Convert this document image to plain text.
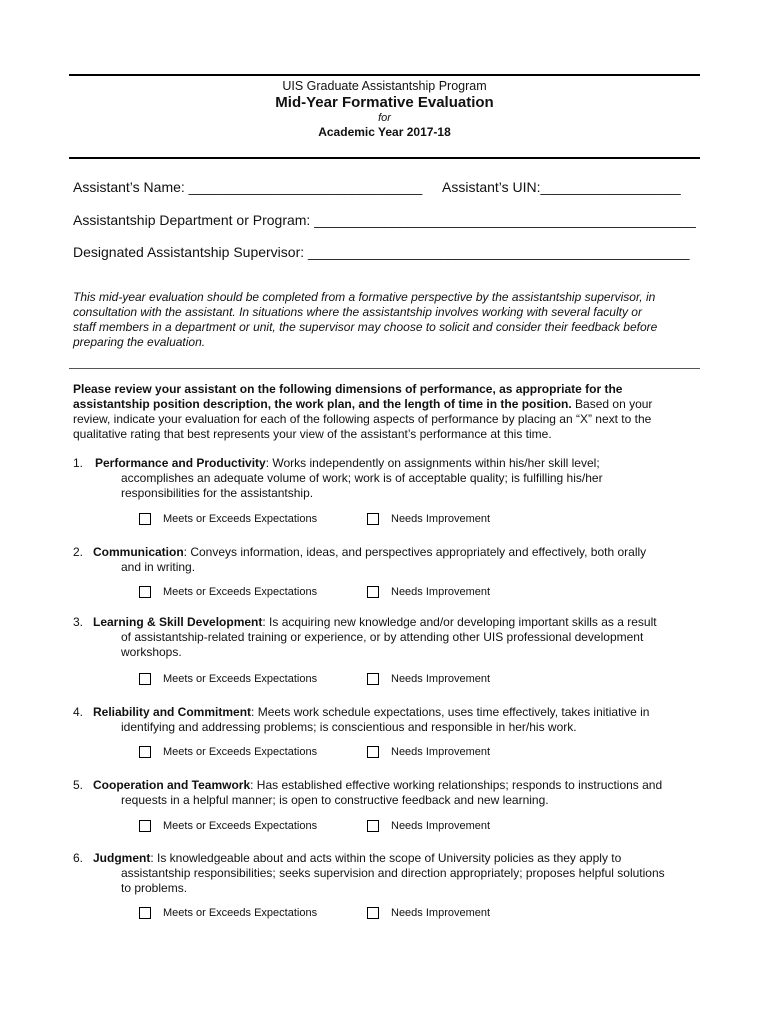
UIS Graduate Assistantship Program
Mid-Year Formative Evaluation
for
Academic Year 2017-18
Assistant’s Name: ______________________________ Assistant’s UIN:__________________
Assistantship Department or Program: _________________________________________________
Designated Assistantship Supervisor: _________________________________________________
This mid-year evaluation should be completed from a formative perspective by the assistantship supervisor, in
consultation with the assistant. In situations where the assistantship involves working with several faculty or
staff members in a department or unit, the supervisor may choose to solicit and consider their feedback before
preparing the evaluation.
Please review your assistant on the following dimensions of performance, as appropriate for the
assistantship position description, the work plan, and the length of time in the position. Based on your
review, indicate your evaluation for each of the following aspects of performance by placing an “X” next to the
qualitative rating that best represents your view of the assistant’s performance at this time.
1. Performance and Productivity: Works independently on assignments within his/her skill level;
accomplishes an adequate volume of work; work is of acceptable quality; is fulfilling his/her
responsibilities for the assistantship.
Meets or Exceeds Expectations	Needs Improvement
2. Communication: Conveys information, ideas, and perspectives appropriately and effectively, both orally
and in writing.
Meets or Exceeds Expectations	Needs Improvement
3. Learning & Skill Development: Is acquiring new knowledge and/or developing important skills as a result
of assistantship-related training or experience, or by attending other UIS professional development
workshops.
Meets or Exceeds Expectations	Needs Improvement
4. Reliability and Commitment: Meets work schedule expectations, uses time effectively, takes initiative in
identifying and addressing problems; is conscientious and responsible in her/his work.
Meets or Exceeds Expectations	Needs Improvement
5. Cooperation and Teamwork: Has established effective working relationships; responds to instructions and
requests in a helpful manner; is open to constructive feedback and new learning.
Meets or Exceeds Expectations	Needs Improvement
6. Judgment: Is knowledgeable about and acts within the scope of University policies as they apply to
assistantship responsibilities; seeks supervision and direction appropriately; proposes helpful solutions
to problems.
Meets or Exceeds Expectations	Needs Improvement
